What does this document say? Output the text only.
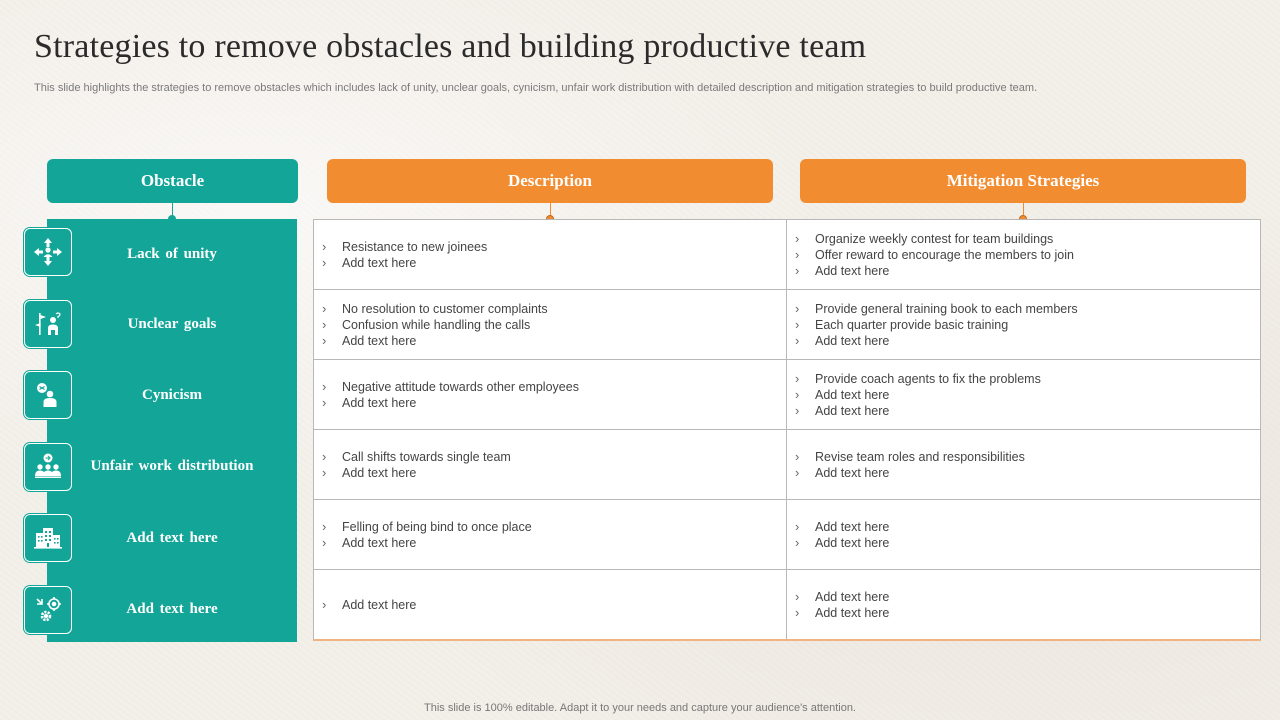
Strategies to remove obstacles and building productive team
This slide highlights the strategies to remove obstacles which includes lack of unity, unclear goals, cynicism, unfair work distribution with detailed description and mitigation strategies to build productive team.
Obstacle	Description	Mitigation Strategies
Lack of unity
Unclear goals
Cynicism
Unfair work distribution
Add text here
Add text here
› Resistance to new joinees
› Add text here
› Organize weekly contest for team buildings
› Offer reward to encourage the members to join
› Add text here
› No resolution to customer complaints
› Confusion while handling the calls
› Add text here
› Provide general training book to each members
› Each quarter provide basic training
› Add text here
› Negative attitude towards other employees
› Add text here
› Provide coach agents to fix the problems
› Add text here
› Add text here
› Call shifts towards single team
› Add text here
› Revise team roles and responsibilities
› Add text here
› Felling of being bind to once place
› Add text here
› Add text here
› Add text here
› Add text here
› Add text here
› Add text here
This slide is 100% editable. Adapt it to your needs and capture your audience's attention.
